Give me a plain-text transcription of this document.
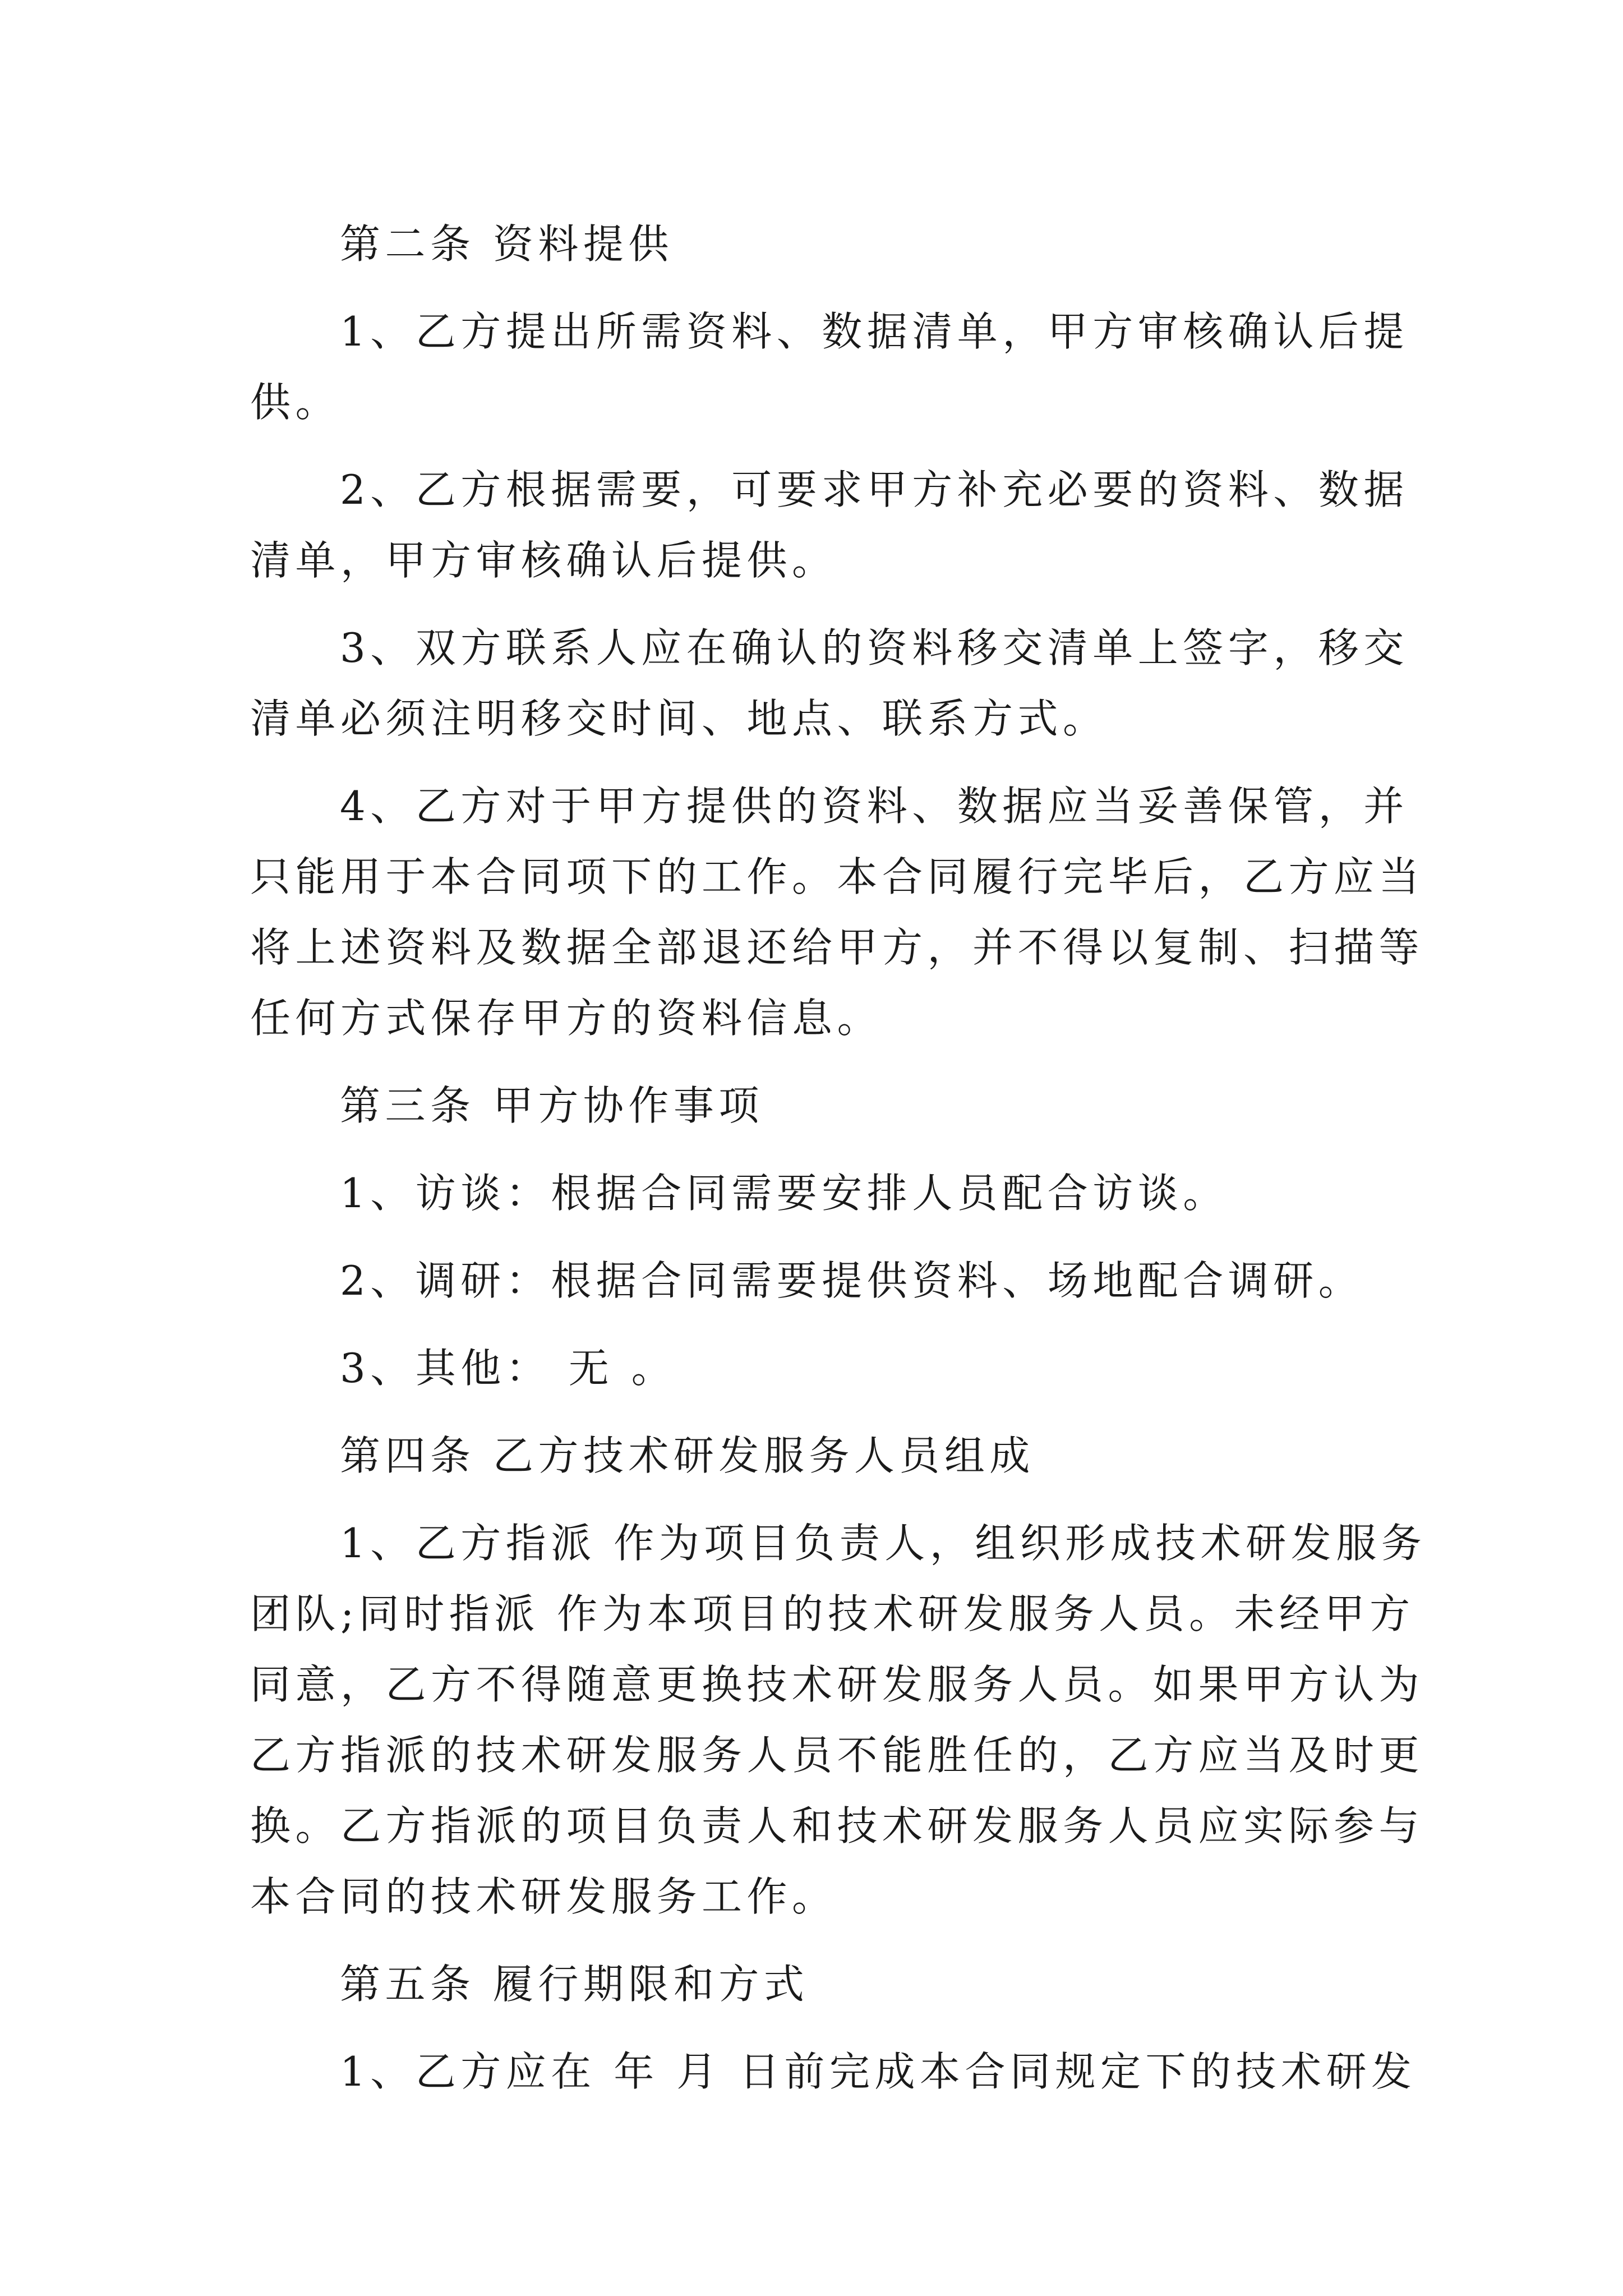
第二条 资料提供
1、乙方提出所需资料、数据清单，甲方审核确认后提
供。
2、乙方根据需要，可要求甲方补充必要的资料、数据
清单，甲方审核确认后提供。
3、双方联系人应在确认的资料移交清单上签字，移交
清单必须注明移交时间、地点、联系方式。
4、乙方对于甲方提供的资料、数据应当妥善保管，并
只能用于本合同项下的工作。本合同履行完毕后，乙方应当
将上述资料及数据全部退还给甲方，并不得以复制、扫描等
任何方式保存甲方的资料信息。
第三条 甲方协作事项
1、访谈：根据合同需要安排人员配合访谈。
2、调研：根据合同需要提供资料、场地配合调研。
3、其他： 无 。
第四条 乙方技术研发服务人员组成
1、乙方指派 作为项目负责人，组织形成技术研发服务
团队;同时指派 作为本项目的技术研发服务人员。未经甲方
同意，乙方不得随意更换技术研发服务人员。如果甲方认为
乙方指派的技术研发服务人员不能胜任的，乙方应当及时更
换。乙方指派的项目负责人和技术研发服务人员应实际参与
本合同的技术研发服务工作。
第五条 履行期限和方式
1、乙方应在 年 月 日前完成本合同规定下的技术研发
